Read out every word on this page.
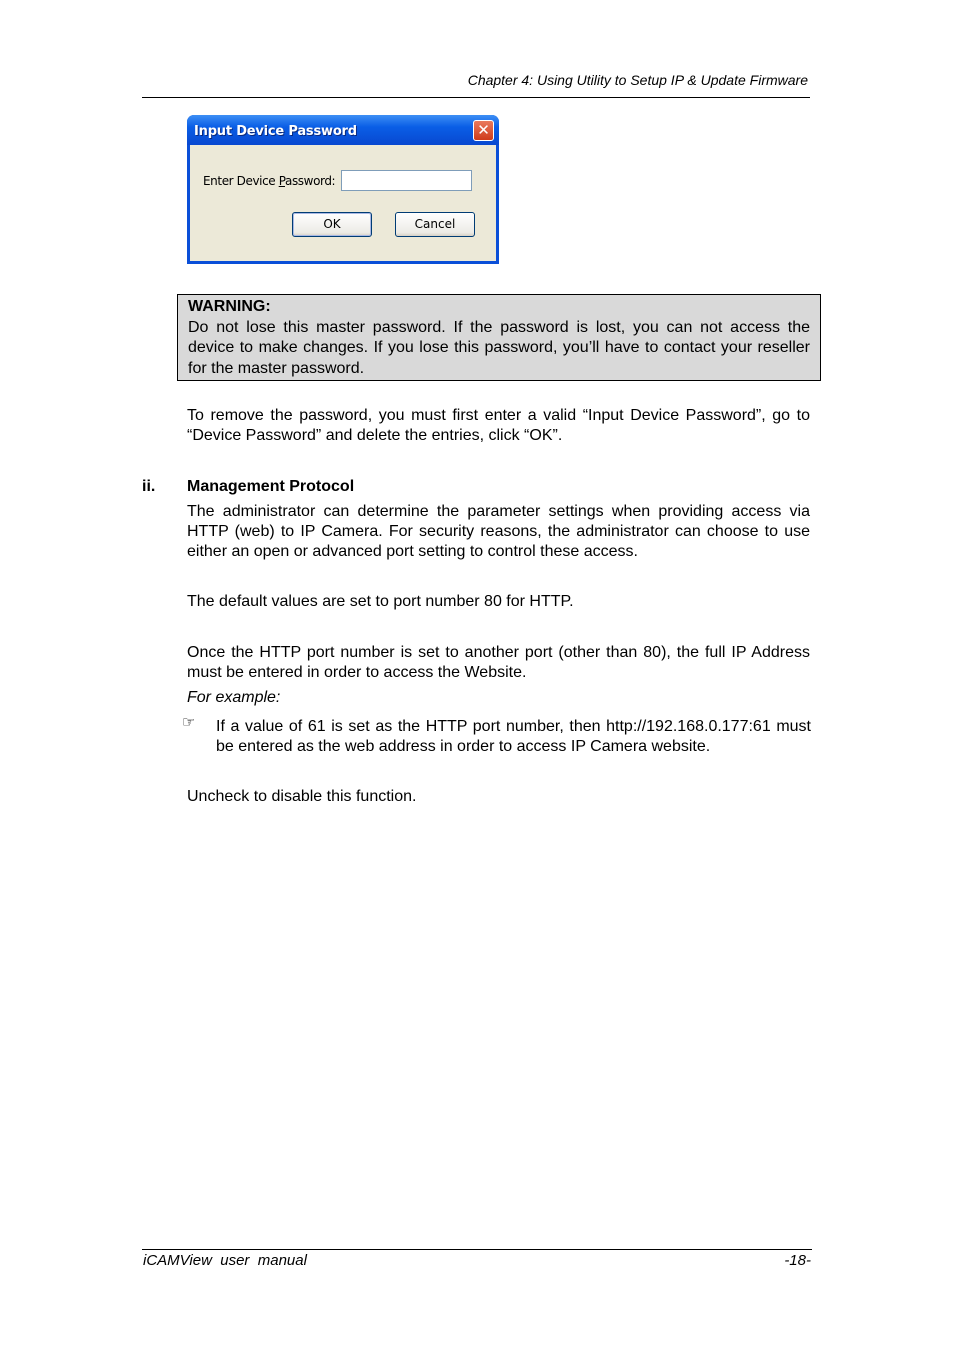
Chapter 4: Using Utility to Setup IP & Update Firmware
Input Device Password	✕
Enter Device Password:
OK	Cancel
WARNING:
Do not lose this master password. If the password is lost, you can not access the device to make changes. If you lose this password, you’ll have to contact your reseller for the master password.
To remove the password, you must first enter a valid “Input Device Password”, go to “Device Password” and delete the entries, click “OK”.
ii. Management Protocol
The administrator can determine the parameter settings when providing access via HTTP (web) to IP Camera. For security reasons, the administrator can choose to use either an open or advanced port setting to control these access.
The default values are set to port number 80 for HTTP.
Once the HTTP port number is set to another port (other than 80), the full IP Address must be entered in order to access the Website.
For example:
☞ If a value of 61 is set as the HTTP port number, then http://192.168.0.177:61 must be entered as the web address in order to access IP Camera website.
Uncheck to disable this function.
iCAMView  user  manual	-18-
